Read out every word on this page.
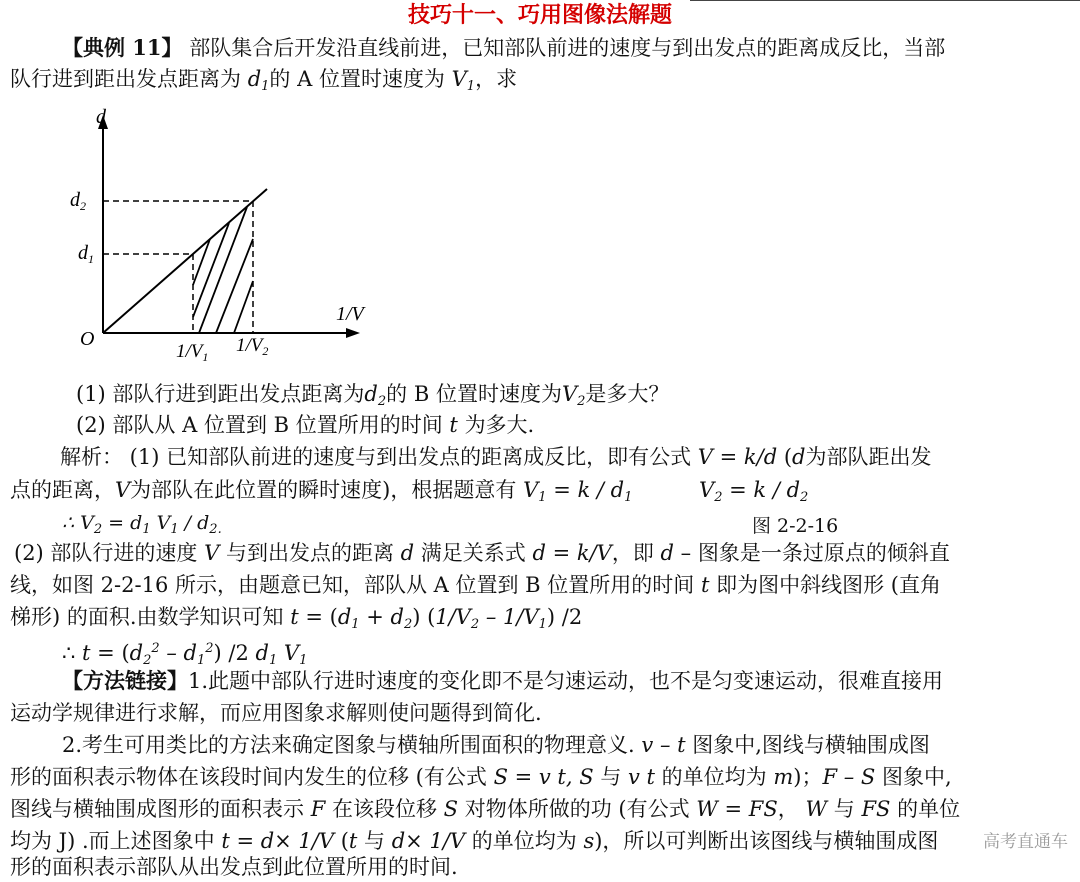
技巧十一、巧用图像法解题
【典例 11】 部队集合后开发沿直线前进，已知部队前进的速度与到出发点的距离成反比，当部
队行进到距出发点距离为 $d_1$的 A 位置时速度为 $V_1$，求
d
1/V
O
$d_2$
$d_1$
$1/V_1$
$1/V_2$
(1) 部队行进到距出发点距离为$d_2$的 B 位置时速度为$V_2$是多大？
(2) 部队从 A 位置到 B 位置所用的时间 t 为多大.
解析： (1) 已知部队前进的速度与到出发点的距离成反比，即有公式 V = k/d (d为部队距出发
点的距离，V为部队在此位置的瞬时速度)，根据题意有 $V_1 = k / d_1$	$V_2 = k / d_2$
∴ $V_2 = d_1$ $V_1 / d_{2.}$	图 2-2-16
(2) 部队行进的速度 V 与到出发点的距离 d 满足关系式 d = k/V，即 d – 图象是一条过原点的倾斜直
线，如图 2-2-16 所示，由题意已知，部队从 A 位置到 B 位置所用的时间 t 即为图中斜线图形 (直角
梯形) 的面积.由数学知识可知 $t = (d_1 + d_2)$ $(1/V_2 - 1/V_1)$ /2
∴ $t = (d_2^2 - d_1^2)$ /2 $d_1$ $V_1$
【方法链接】1.此题中部队行进时速度的变化即不是匀速运动，也不是匀变速运动，很难直接用
运动学规律进行求解，而应用图象求解则使问题得到简化.
2.考生可用类比的方法来确定图象与横轴所围面积的物理意义. v – t 图象中,图线与横轴围成图
形的面积表示物体在该段时间内发生的位移 (有公式 S = v t, S 与 v t 的单位均为 m)；F – S 图象中,
图线与横轴围成图形的面积表示 F 在该段位移 S 对物体所做的功 (有公式 W = FS， W 与 FS 的单位
均为 J) .而上述图象中 t = d× 1/V (t 与 d× 1/V 的单位均为 s)，所以可判断出该图线与横轴围成图
形的面积表示部队从出发点到此位置所用的时间.
高考直通车
